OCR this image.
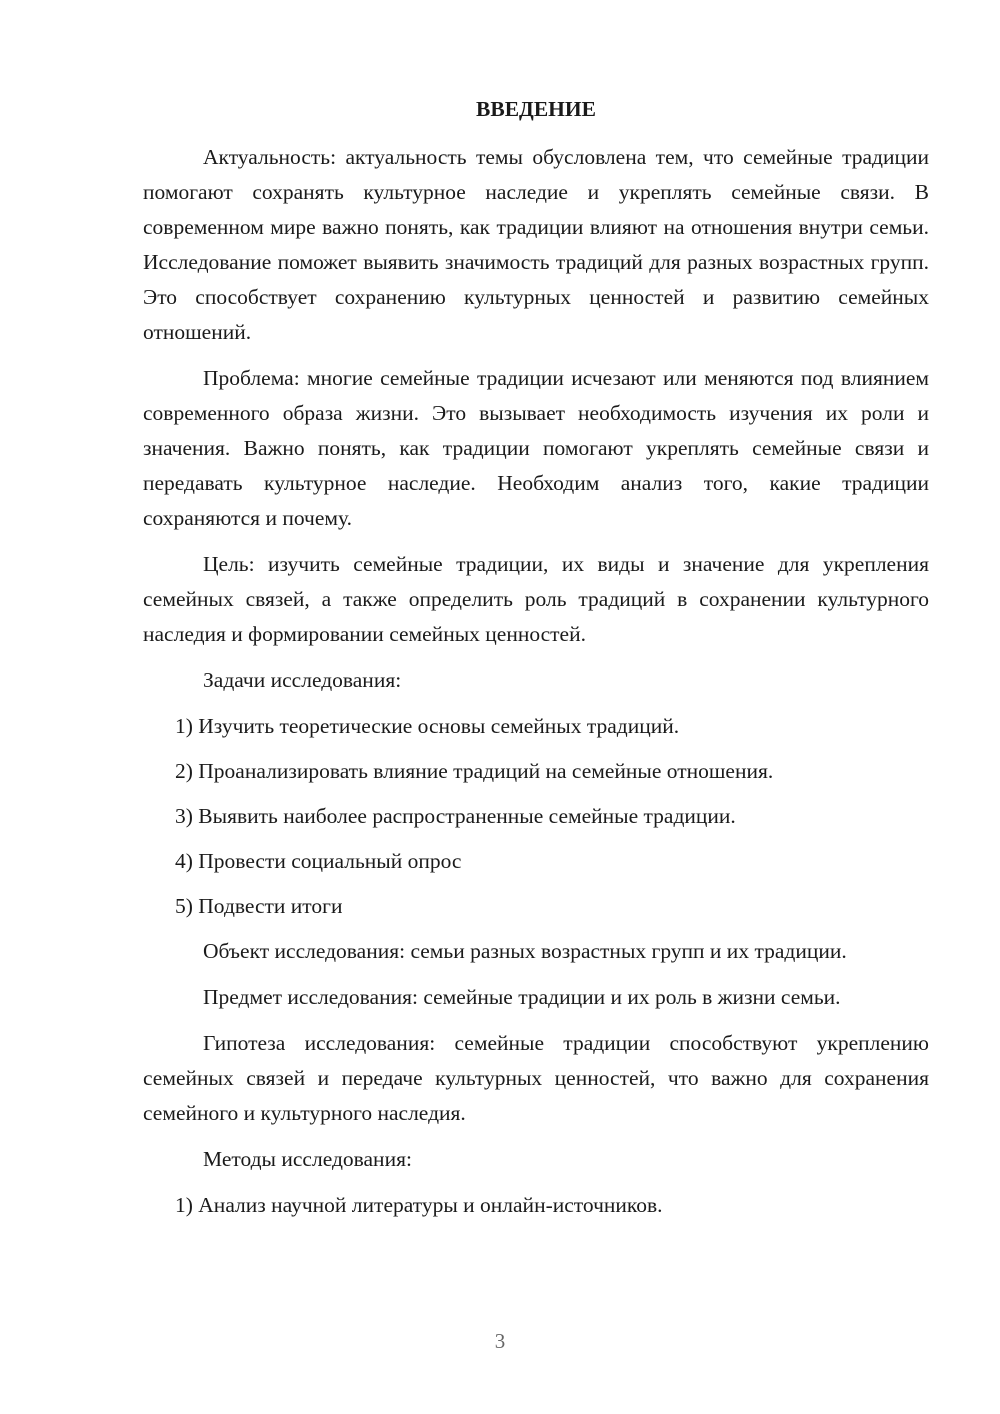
ВВЕДЕНИЕ

Актуальность: актуальность темы обусловлена тем, что семейные традиции помогают сохранять культурное наследие и укреплять семейные связи. В современном мире важно понять, как традиции влияют на отношения внутри семьи. Исследование поможет выявить значимость традиций для разных возрастных групп. Это способствует сохранению культурных ценностей и развитию семейных отношений.

Проблема: многие семейные традиции исчезают или меняются под влиянием современного образа жизни. Это вызывает необходимость изучения их роли и значения. Важно понять, как традиции помогают укреплять семейные связи и передавать культурное наследие. Необходим анализ того, какие традиции сохраняются и почему.

Цель: изучить семейные традиции, их виды и значение для укрепления семейных связей, а также определить роль традиций в сохранении культурного наследия и формировании семейных ценностей.

Задачи исследования:

1) Изучить теоретические основы семейных традиций.

2) Проанализировать влияние традиций на семейные отношения.

3) Выявить наиболее распространенные семейные традиции.

4) Провести социальный опрос

5) Подвести итоги

Объект исследования: семьи разных возрастных групп и их традиции.

Предмет исследования: семейные традиции и их роль в жизни семьи.

Гипотеза исследования: семейные традиции способствуют укреплению семейных связей и передаче культурных ценностей, что важно для сохранения семейного и культурного наследия.

Методы исследования:

1) Анализ научной литературы и онлайн-источников.

3
